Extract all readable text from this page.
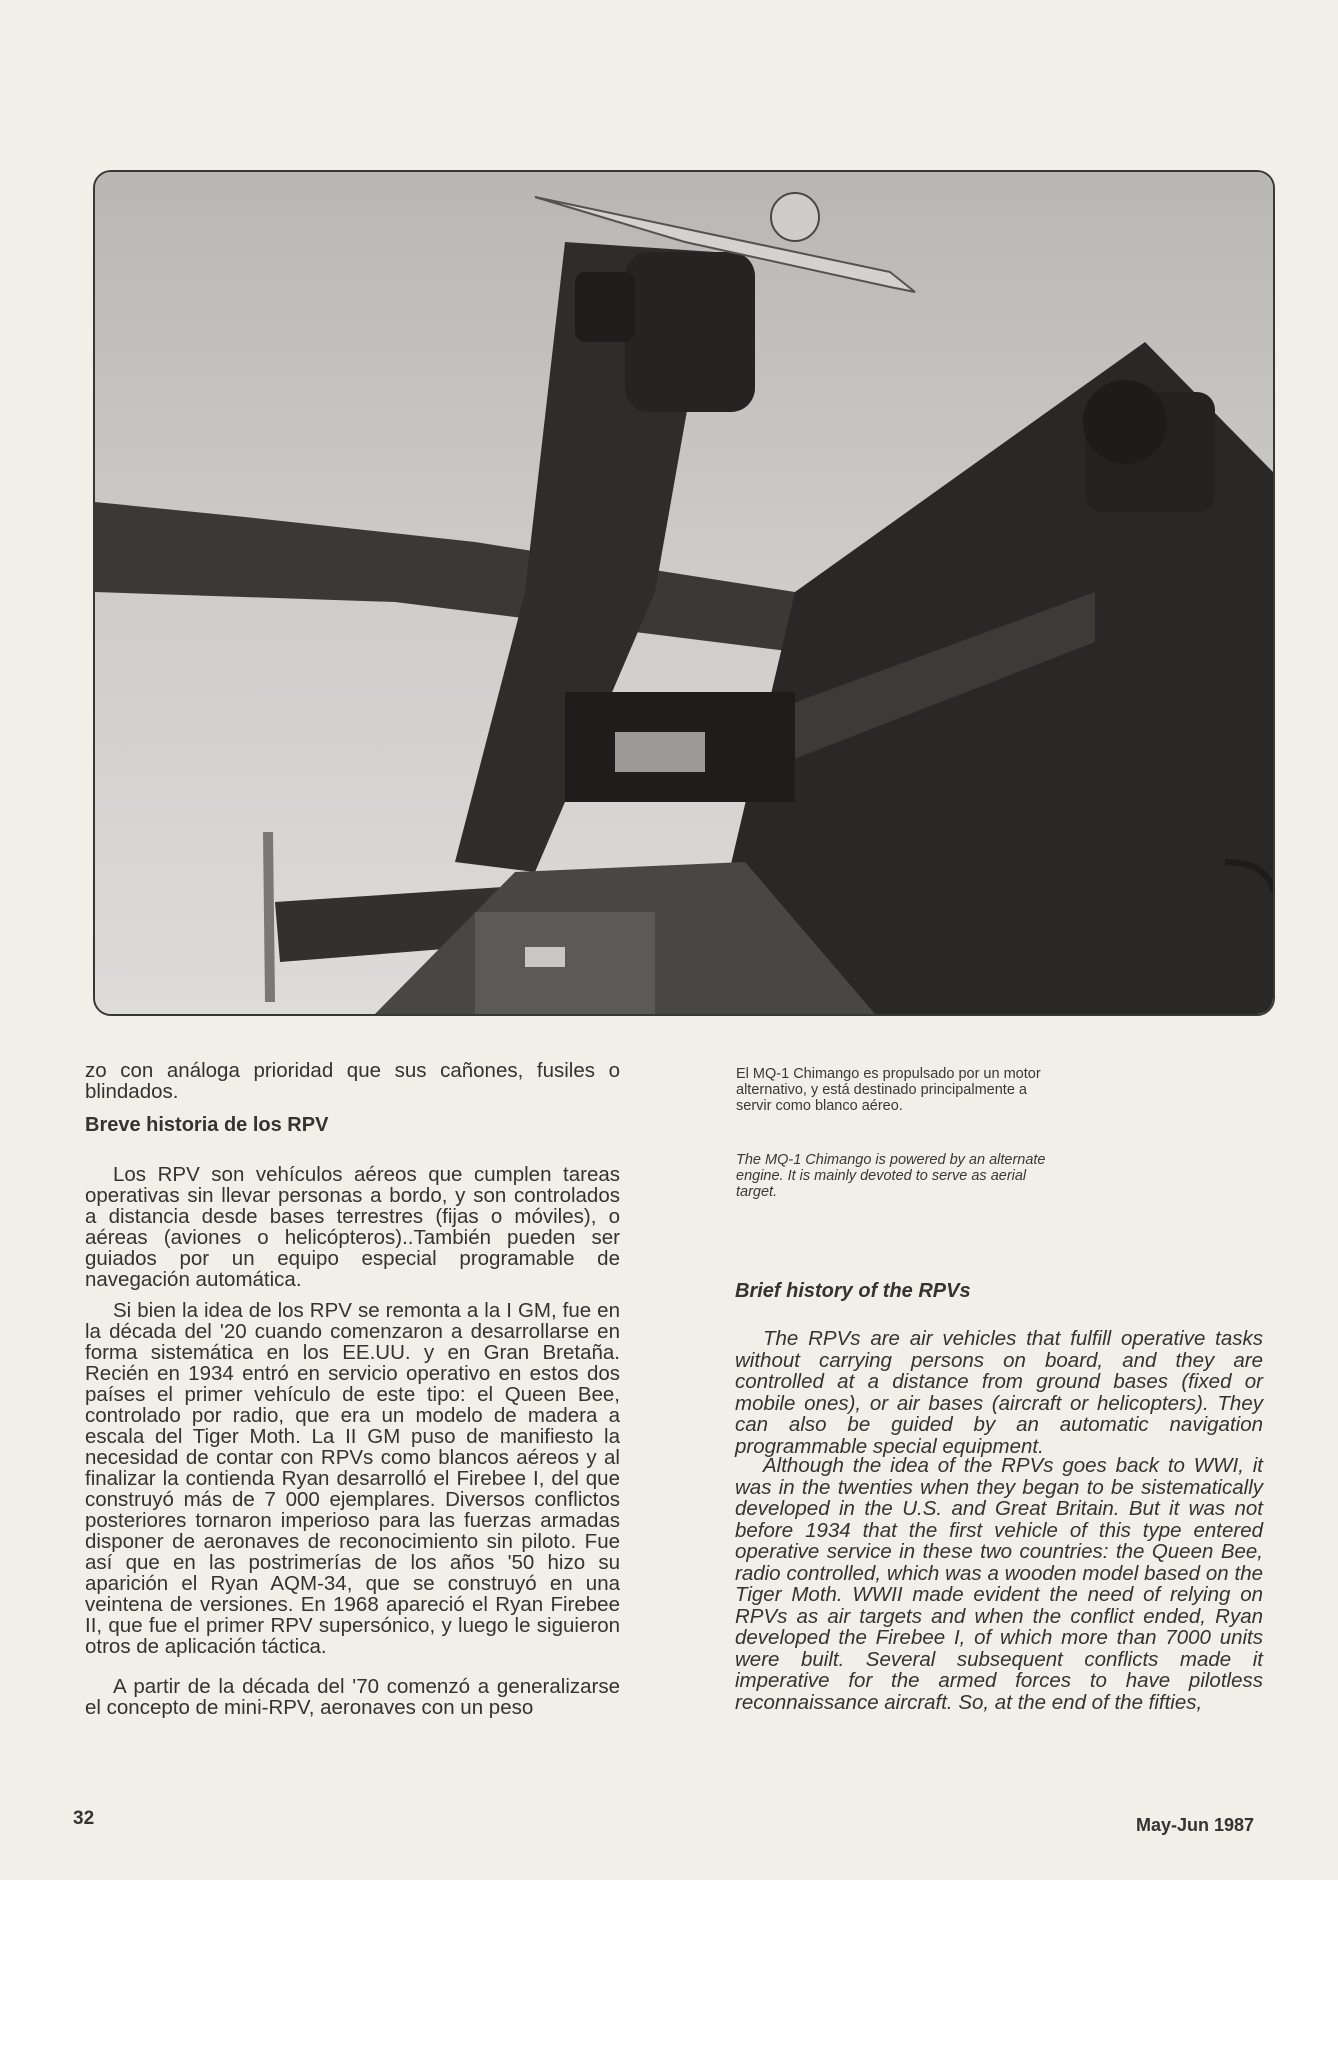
zo con análoga prioridad que sus cañones, fusiles o blindados.
Breve historia de los RPV
Los RPV son vehículos aéreos que cumplen tareas operativas sin llevar personas a bordo, y son controlados a distancia desde bases terrestres (fijas o móviles), o aéreas (aviones o helicópteros)..También pueden ser guiados por un equipo especial programable de navegación automática.
Si bien la idea de los RPV se remonta a la I GM, fue en la década del '20 cuando comenzaron a desarrollarse en forma sistemática en los EE.UU. y en Gran Bretaña. Recién en 1934 entró en servicio operativo en estos dos países el primer vehículo de este tipo: el Queen Bee, controlado por radio, que era un modelo de madera a escala del Tiger Moth. La II GM puso de manifiesto la necesidad de contar con RPVs como blancos aéreos y al finalizar la contienda Ryan desarrolló el Firebee I, del que construyó más de 7 000 ejemplares. Diversos conflictos posteriores tornaron imperioso para las fuerzas armadas disponer de aeronaves de reconocimiento sin piloto. Fue así que en las postrimerías de los años '50 hizo su aparición el Ryan AQM-34, que se construyó en una veintena de versiones. En 1968 apareció el Ryan Firebee II, que fue el primer RPV supersónico, y luego le siguieron otros de aplicación táctica.
A partir de la década del '70 comenzó a generalizarse el concepto de mini-RPV, aeronaves con un peso
El MQ-1 Chimango es propulsado por un motor alternativo, y está destinado principalmente a servir como blanco aéreo.
The MQ-1 Chimango is powered by an alternate engine. It is mainly devoted to serve as aerial target.
Brief history of the RPVs
The RPVs are air vehicles that fulfill operative tasks without carrying persons on board, and they are controlled at a distance from ground bases (fixed or mobile ones), or air bases (aircraft or helicopters). They can also be guided by an automatic navigation programmable special equipment.
Although the idea of the RPVs goes back to WWI, it was in the twenties when they began to be sistematically developed in the U.S. and Great Britain. But it was not before 1934 that the first vehicle of this type entered operative service in these two countries: the Queen Bee, radio controlled, which was a wooden model based on the Tiger Moth. WWII made evident the need of relying on RPVs as air targets and when the conflict ended, Ryan developed the Firebee I, of which more than 7000 units were built. Several subsequent conflicts made it imperative for the armed forces to have pilotless reconnaissance aircraft. So, at the end of the fifties,
32	May-Jun 1987
